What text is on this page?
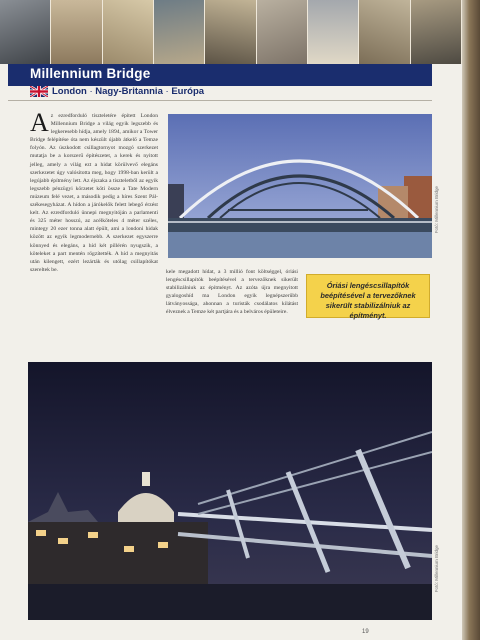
Millennium Bridge
London · Nagy-Britannia · Európa
A z ezredforduló tiszteletére épített London Millennium Bridge a világ egyik legszebb és legkeresebb hídja, amely 1894, amikor a Tower Bridge felépítése óta nem készült újabb átkelő a Temze folyón. Az úszkodott csillagtornyot mozgó szerkezet mutatja be a korszerű építészetet, a kerek és nyitott jelleg, amely a világ ezt a hidat körülvevő elegáns szerkezetet úgy valósította meg, hogy 1998-ban került a legújabb építmény lett. Az éjszaka a tiszteletből az egyik legszebb pénzügyi körzetet köti össze a Tate Modern múzeum felé vezet, a második pedig a híres Szent Pál-székesegyházat. A hídon a járókelők felett lebegő érzést kelt. Az ezredforduló ünnepi megnyitóján a parlamenti és 325 méter hosszú, az acélköteles 4 méter széles, mintegy 20 ezer tonna alatt épült, ami a londoni hidak között az egyik legmodernebb. A szerkezet egyszerre könnyed és elegáns, a híd két pillérén nyugszik, a köteleket a part mentén rögzítették. A híd a megnyitás után kilengett, ezért lezárták és utólag csillapítókat szereltek be.
Fotó: Millennium Bridge
kele megadott hídat, a 3 millió font költséggel, óriási lengéscsillapítók beépítésével a tervezőknek sikerült stabilizálniuk az építményt. Az azóta újra megnyitott gyalogoshíd ma London egyik legnépszerűbb látványossága, ahonnan a turisták csodálatos kilátást élveznek a Temze két partjára és a belváros épületeire.
Óriási lengéscsillapítók beépítésével a tervezőknek sikerült stabilizálniuk az építményt.
Fotó: Millennium Bridge
19
